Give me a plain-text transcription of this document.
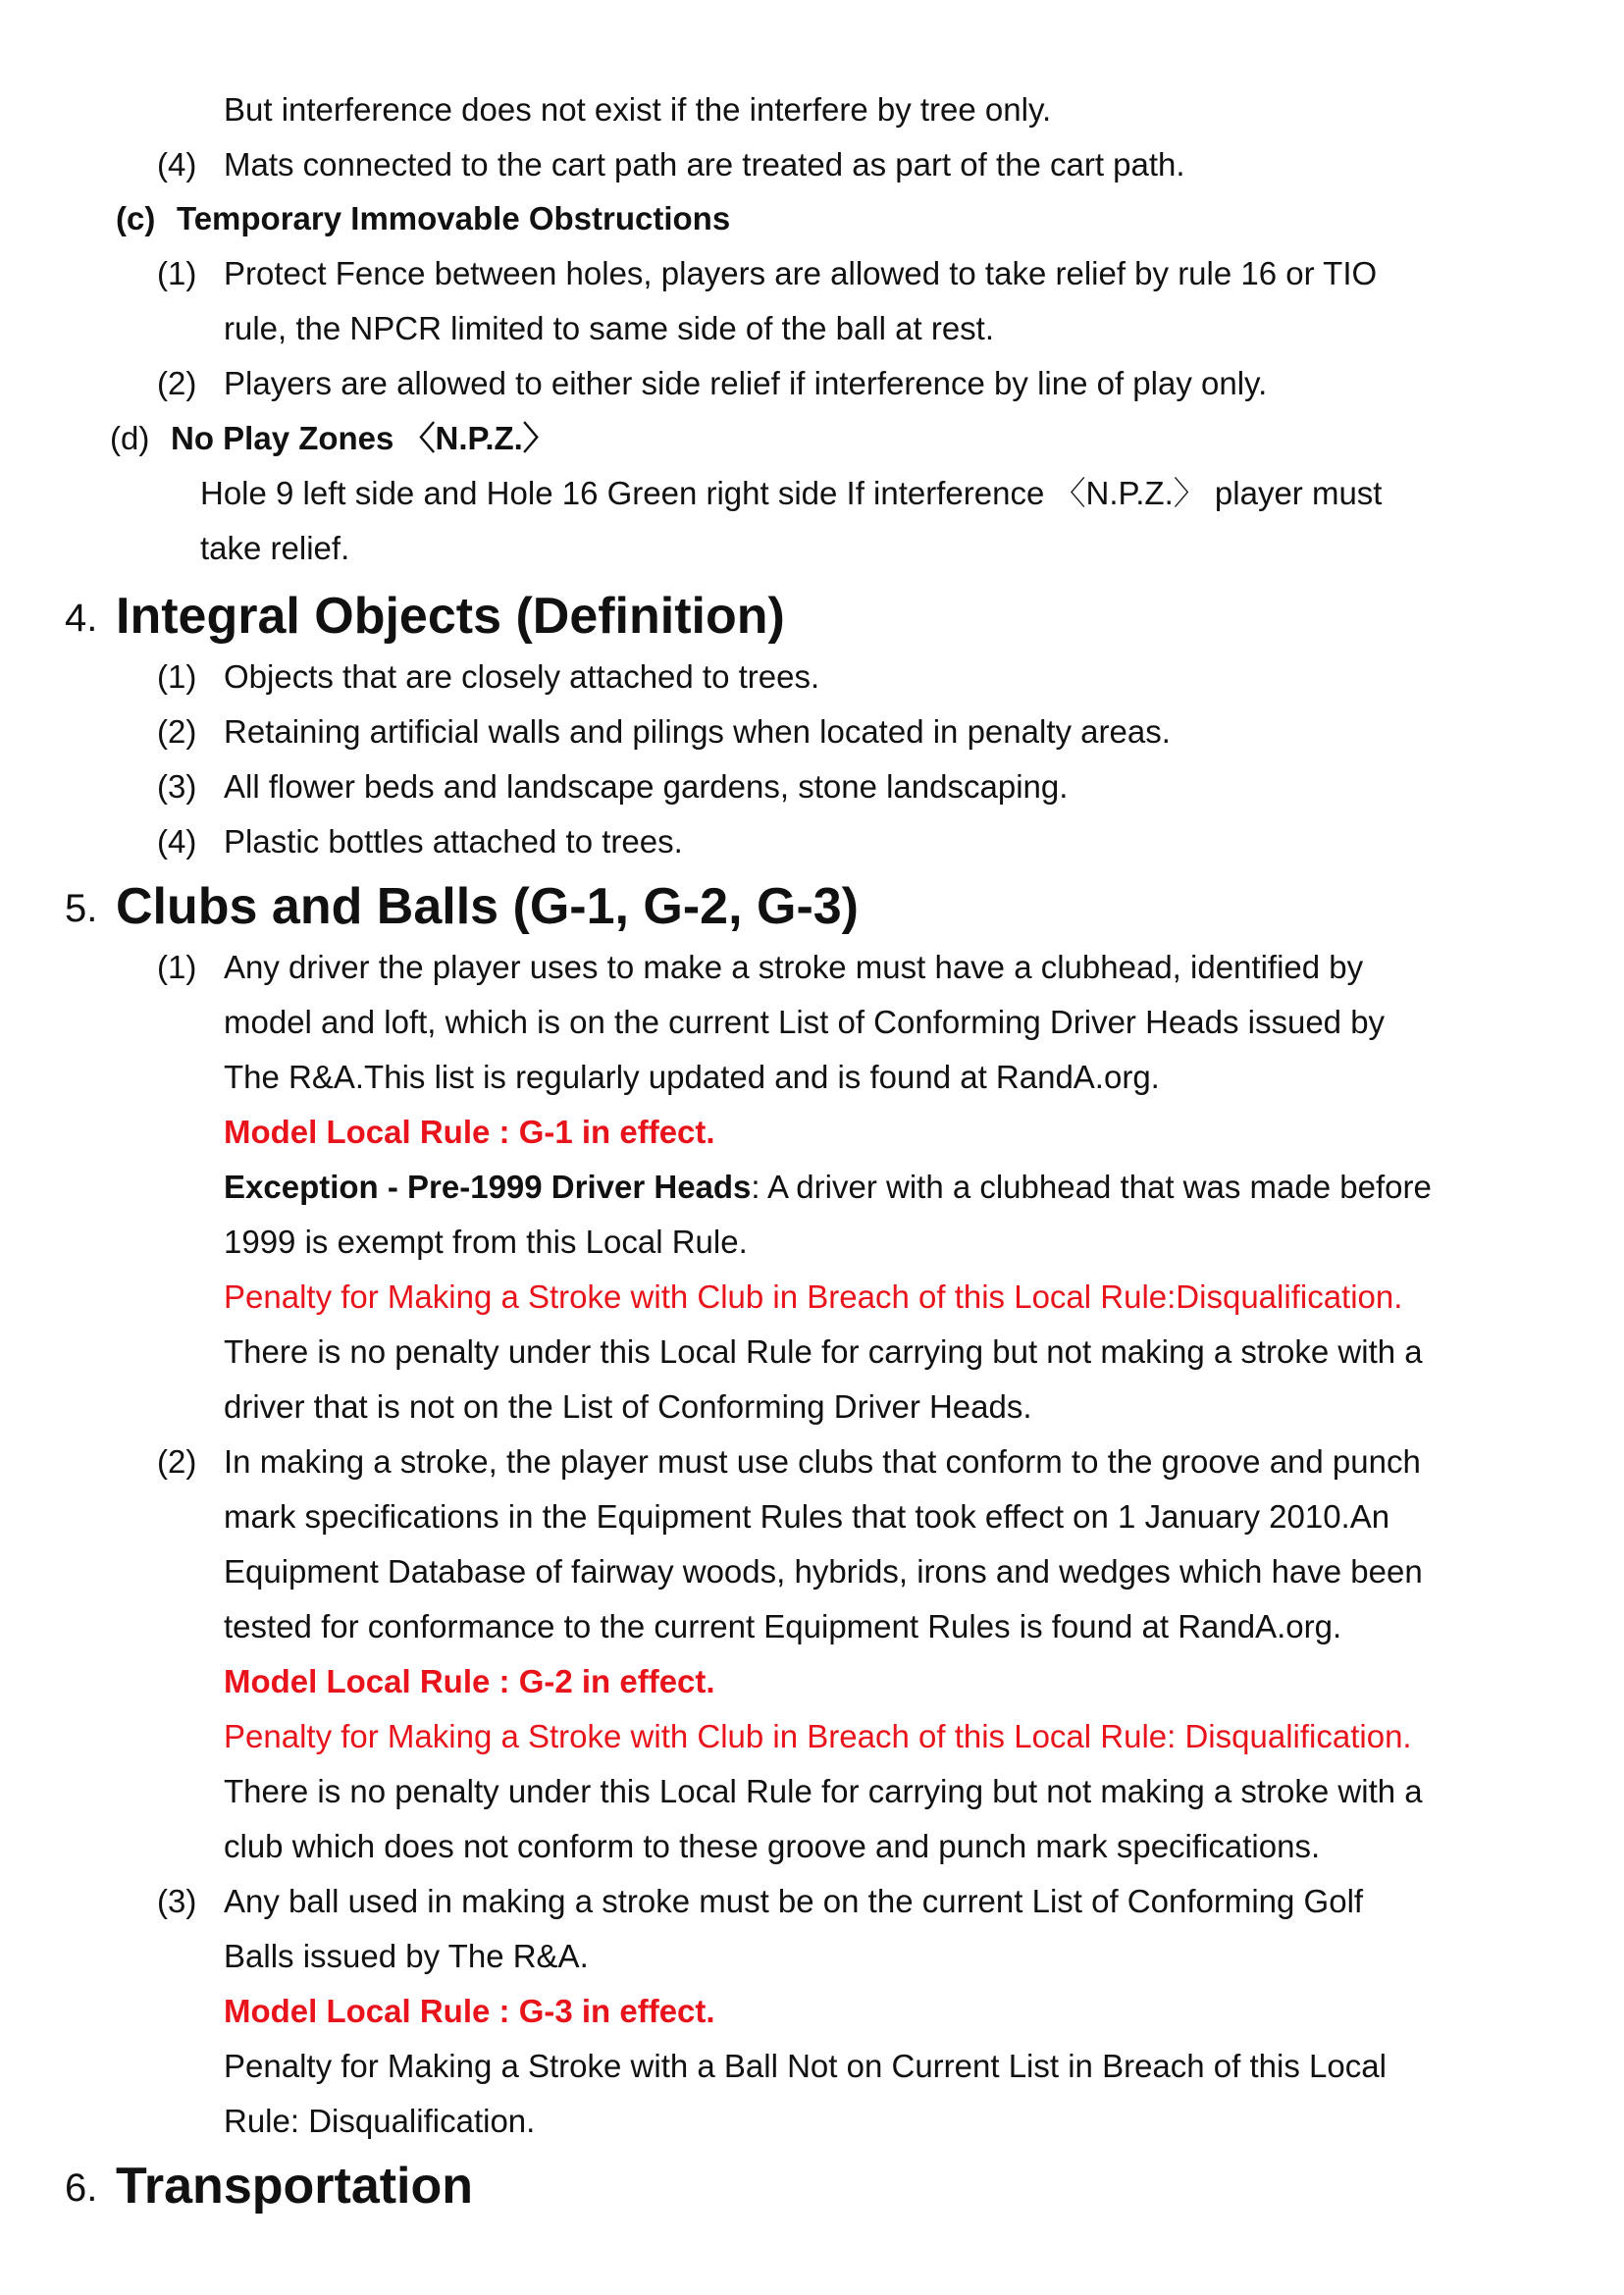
But interference does not exist if the interfere by tree only.
(4) Mats connected to the cart path are treated as part of the cart path.
(c) Temporary Immovable Obstructions
(1) Protect Fence between holes, players are allowed to take relief by rule 16 or TIO
rule, the NPCR limited to same side of the ball at rest.
(2) Players are allowed to either side relief if interference by line of play only.
(d) No Play Zones 〈N.P.Z.〉
Hole 9 left side and Hole 16 Green right side If interference 〈N.P.Z.〉 player must
take relief.
4. Integral Objects (Definition)
(1) Objects that are closely attached to trees.
(2) Retaining artificial walls and pilings when located in penalty areas.
(3) All flower beds and landscape gardens, stone landscaping.
(4) Plastic bottles attached to trees.
5. Clubs and Balls (G-1, G-2, G-3)
(1) Any driver the player uses to make a stroke must have a clubhead, identified by
model and loft, which is on the current List of Conforming Driver Heads issued by
The R&A.This list is regularly updated and is found at RandA.org.
Model Local Rule : G-1 in effect.
Exception - Pre-1999 Driver Heads: A driver with a clubhead that was made before
1999 is exempt from this Local Rule.
Penalty for Making a Stroke with Club in Breach of this Local Rule:Disqualification.
There is no penalty under this Local Rule for carrying but not making a stroke with a
driver that is not on the List of Conforming Driver Heads.
(2) In making a stroke, the player must use clubs that conform to the groove and punch
mark specifications in the Equipment Rules that took effect on 1 January 2010.An
Equipment Database of fairway woods, hybrids, irons and wedges which have been
tested for conformance to the current Equipment Rules is found at RandA.org.
Model Local Rule : G-2 in effect.
Penalty for Making a Stroke with Club in Breach of this Local Rule: Disqualification.
There is no penalty under this Local Rule for carrying but not making a stroke with a
club which does not conform to these groove and punch mark specifications.
(3) Any ball used in making a stroke must be on the current List of Conforming Golf
Balls issued by The R&A.
Model Local Rule : G-3 in effect.
Penalty for Making a Stroke with a Ball Not on Current List in Breach of this Local
Rule: Disqualification.
6. Transportation
